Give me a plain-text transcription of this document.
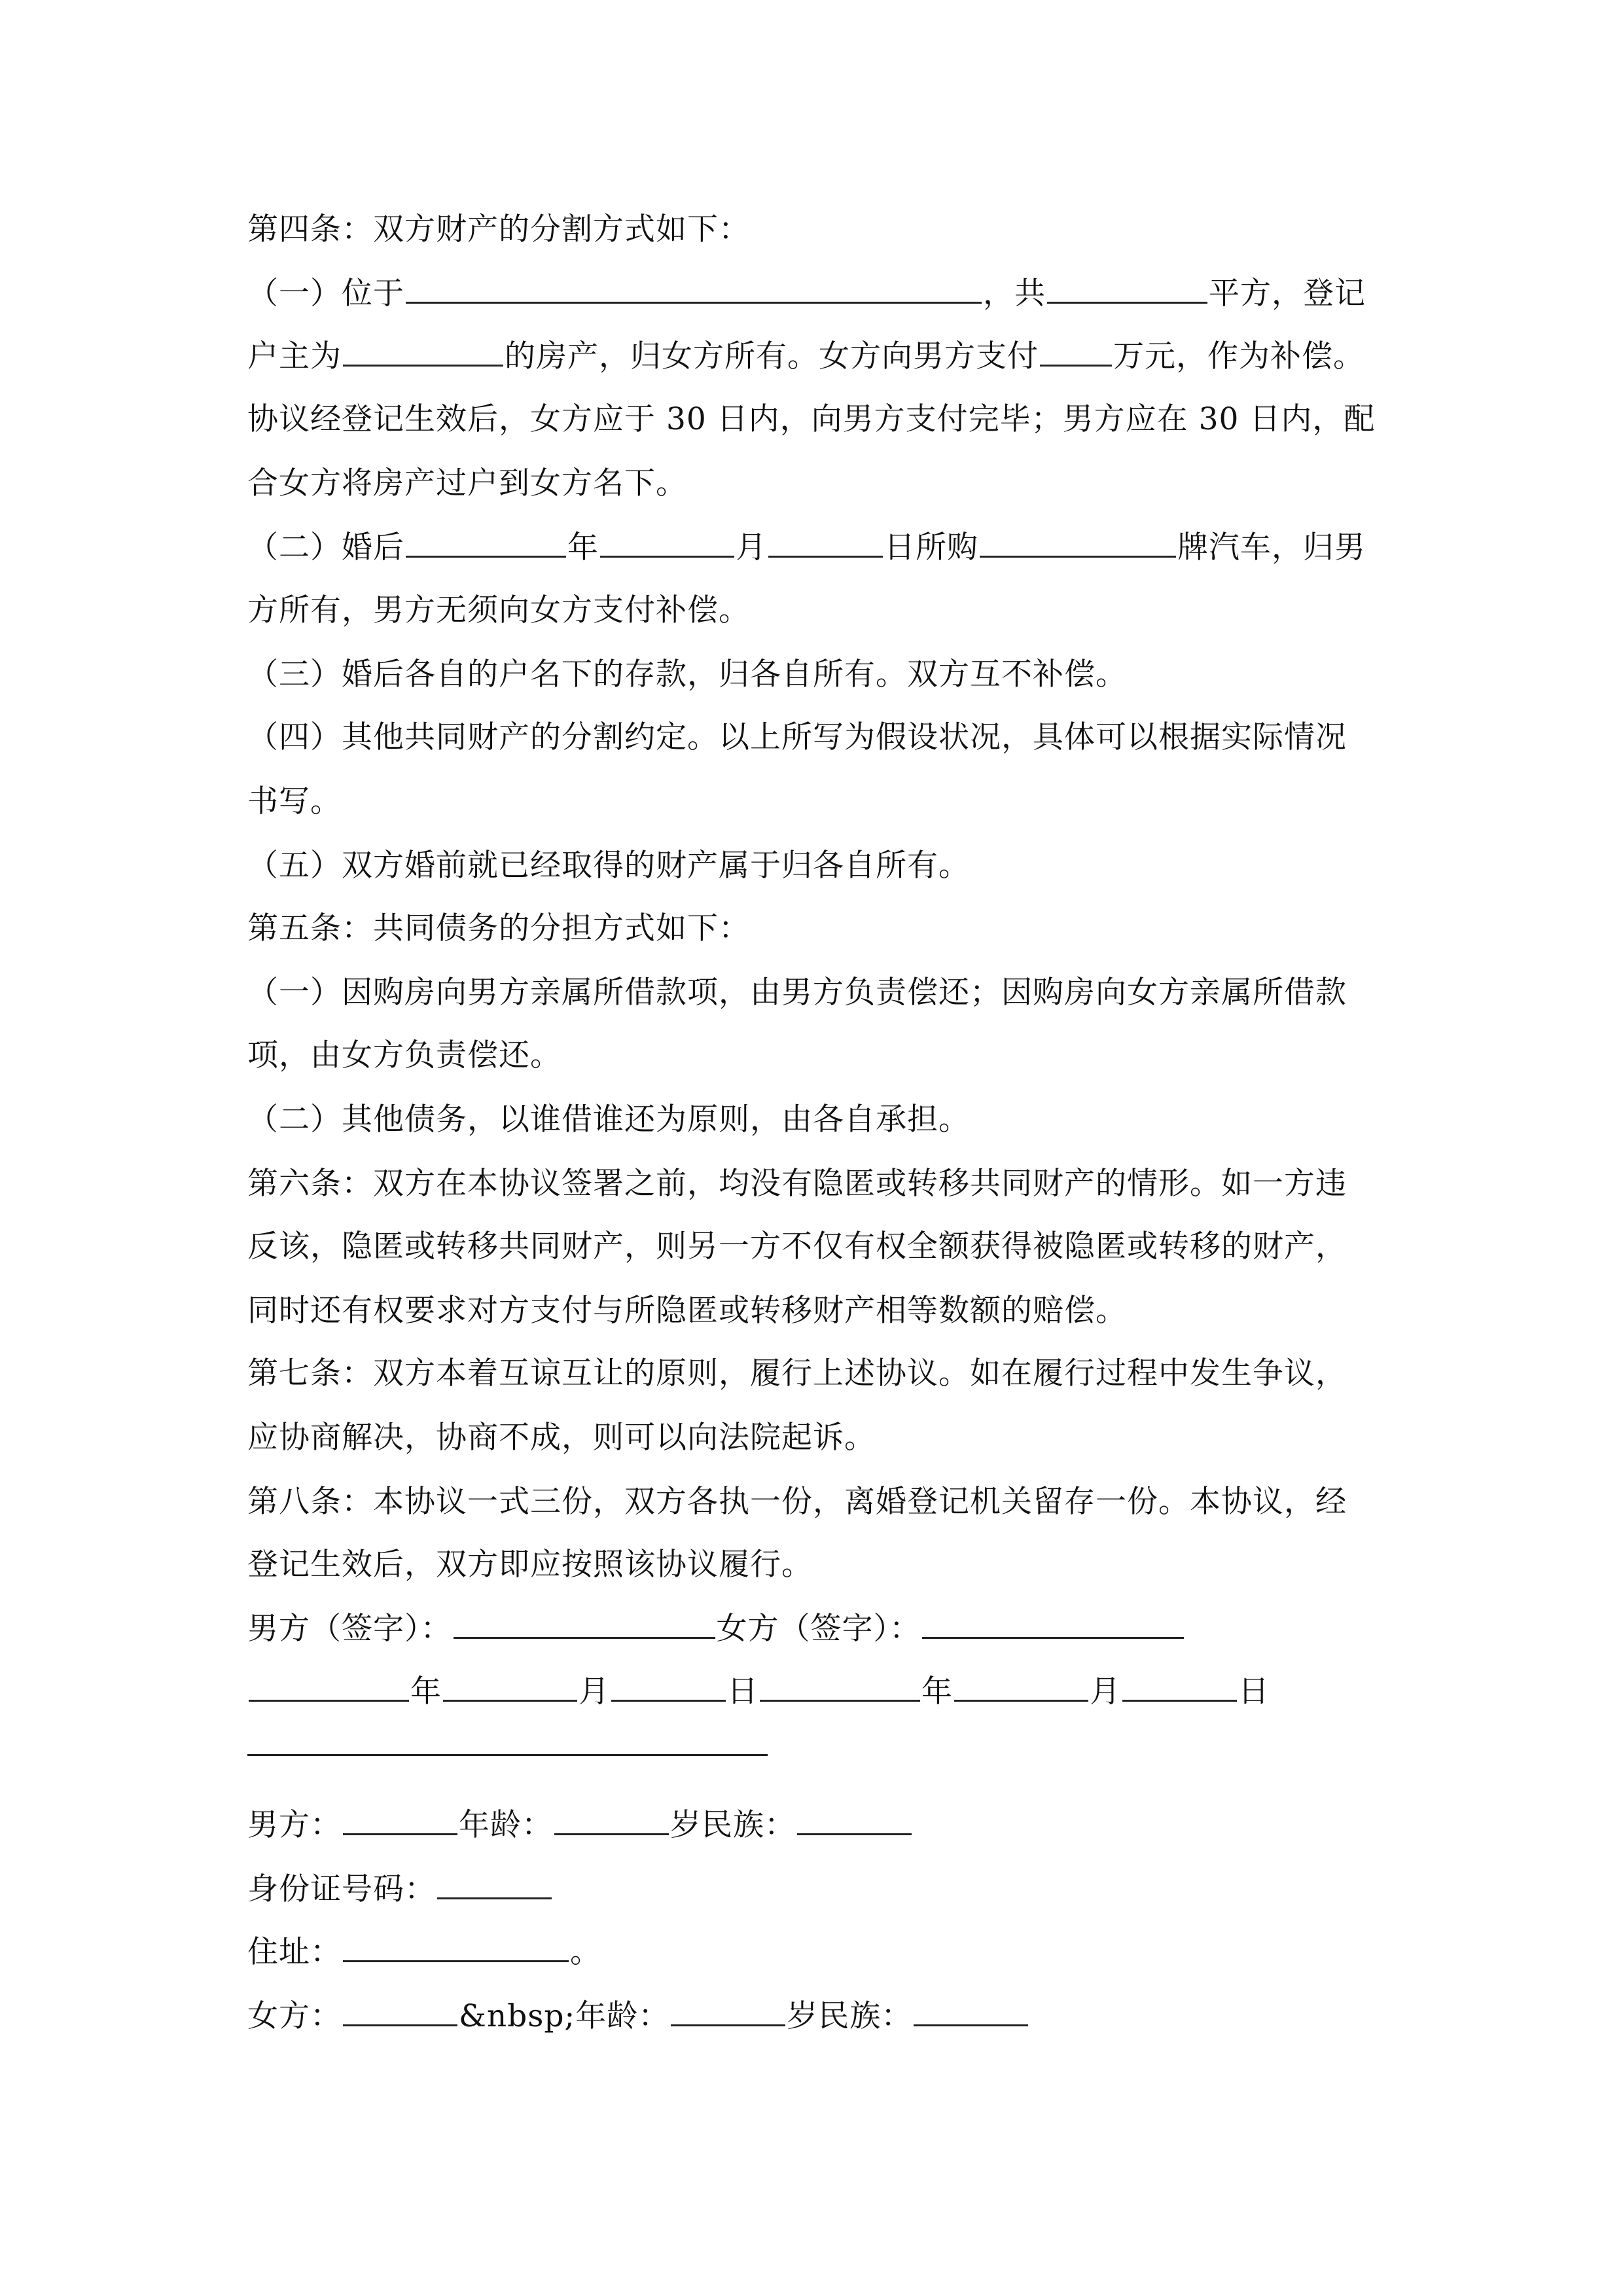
第四条：双方财产的分割方式如下：
（一）位于	，共	平方，登记
户主为	的房产，归女方所有。女方向男方支付 万元，作为补偿。
协议经登记生效后，女方应于 30 日内，向男方支付完毕；男方应在 30 日内，配
合女方将房产过户到女方名下。
（二）婚后	年	月	日所购	牌汽车，归男
方所有，男方无须向女方支付补偿。
（三）婚后各自的户名下的存款，归各自所有。双方互不补偿。
（四）其他共同财产的分割约定。以上所写为假设状况，具体可以根据实际情况
书写。
（五）双方婚前就已经取得的财产属于归各自所有。
第五条：共同债务的分担方式如下：
（一）因购房向男方亲属所借款项，由男方负责偿还；因购房向女方亲属所借款
项，由女方负责偿还。
（二）其他债务，以谁借谁还为原则，由各自承担。
第六条：双方在本协议签署之前，均没有隐匿或转移共同财产的情形。如一方违
反该，隐匿或转移共同财产，则另一方不仅有权全额获得被隐匿或转移的财产，
同时还有权要求对方支付与所隐匿或转移财产相等数额的赔偿。
第七条：双方本着互谅互让的原则，履行上述协议。如在履行过程中发生争议，
应协商解决，协商不成，则可以向法院起诉。
第八条：本协议一式三份，双方各执一份，离婚登记机关留存一份。本协议，经
登记生效后，双方即应按照该协议履行。
男方（签字）：	女方（签字）：
年	月	日	年	月	日
男方：	年龄：	岁民族：
身份证号码：
住址：	。
女方：	&nbsp;年龄：	岁民族：
